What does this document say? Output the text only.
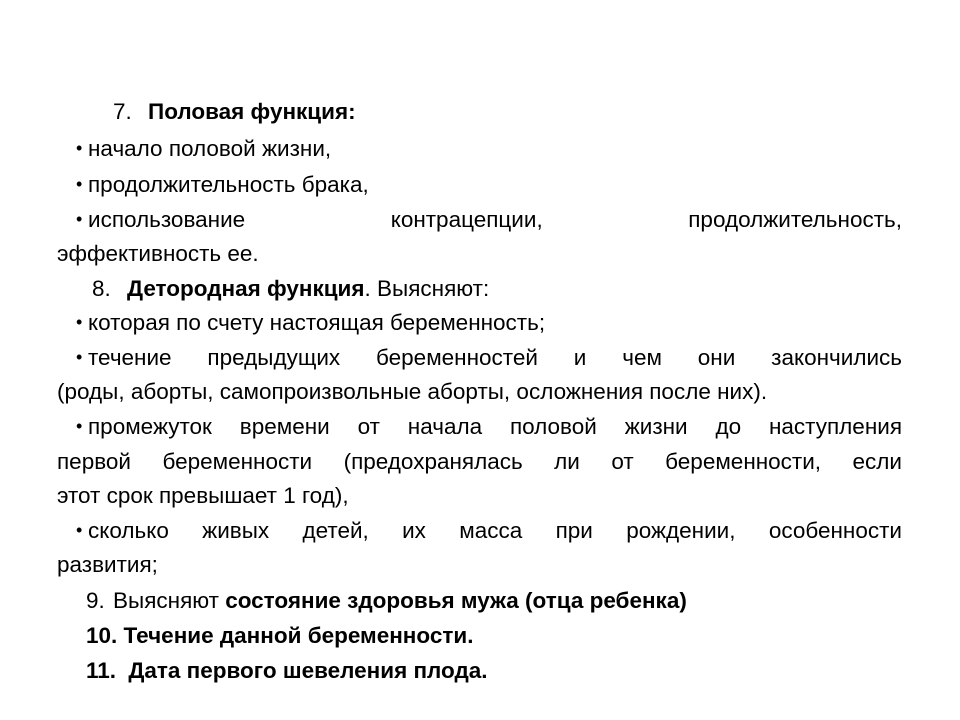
7. Половая функция:
• начало половой жизни,
• продолжительность брака,
• использование контрацепции, продолжительность,
эффективность ее.
8. Детородная функция. Выясняют:
• которая по счету настоящая беременность;
• течение предыдущих беременностей и чем они закончились
(роды, аборты, самопроизвольные аборты, осложнения после них).
• промежуток времени от начала половой жизни до наступления
первой беременности (предохранялась ли от беременности, если
этот срок превышает 1 год),
• сколько живых детей, их масса при рождении, особенности
развития;
9. Выясняют состояние здоровья мужа (отца ребенка)
10. Течение данной беременности.
11. Дата первого шевеления плода.
